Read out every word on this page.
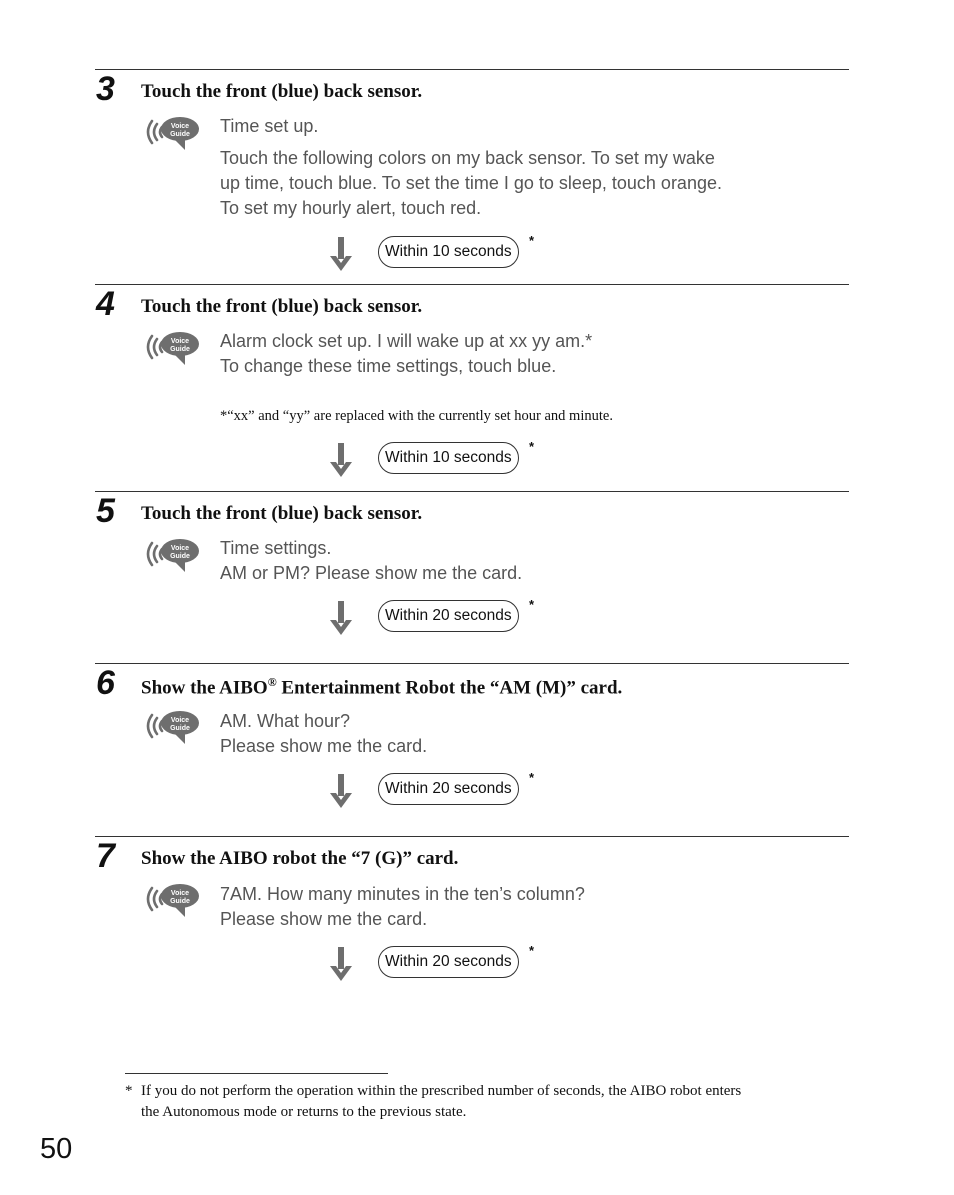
3 Touch the front (blue) back sensor.
Voice
Guide Time set up.

Touch the following colors on my back sensor. To set my wake

up time, touch blue. To set the time I go to sleep, touch orange.

To set my hourly alert, touch red.

Within 10 seconds
*
4 Touch the front (blue) back sensor.
Voice
Guide Alarm clock set up. I will wake up at xx yy am.*

To change these time settings, touch blue.

*“xx” and “yy” are replaced with the currently set hour and minute.
Within 10 seconds
*
5 Touch the front (blue) back sensor.
Voice
Guide Time settings.

AM or PM? Please show me the card.

Within 20 seconds
*
6 Show the AIBO® Entertainment Robot the “AM (M)” card.
Voice
Guide AM. What hour?

Please show me the card.

Within 20 seconds
*
7 Show the AIBO robot the “7 (G)” card.
Voice
Guide 7AM. How many minutes in the ten’s column?

Please show me the card.

Within 20 seconds
*
* If you do not perform the operation within the prescribed number of seconds, the AIBO robot enters
the Autonomous mode or returns to the previous state.
50
